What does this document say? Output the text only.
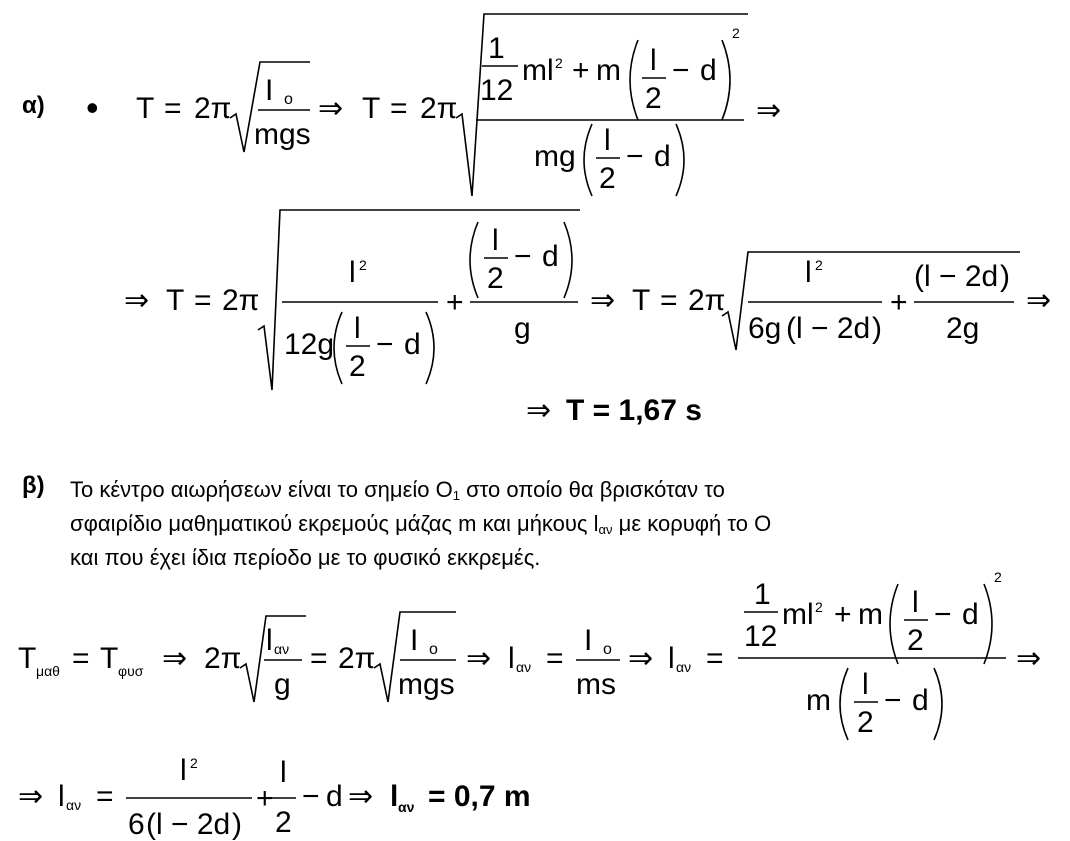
α)
β) Το κέντρο αιωρήσεων είναι το σημείο $O_1$ στο οποίο θα βρισκόταν το
σφαιρίδιο μαθηματικού εκρεμούς μάζας m και μήκους $l_{\alpha\nu}$ με κορυφή το O
και που έχει ίδια περίοδο με το φυσικό εκκρεμές.
• T = 2π
I o
mgs
⇒ T = 2π
1
12
ml 2 + m l
2
− d
2
mg l
2
− d
⇒
⇒ T = 2π
l 2
12g l
2
− d
+
l
2
− d
g
⇒ T = 2π
l 2
6g ( l − 2d )
+
( l − 2d )
2g
⇒
⇒ T = 1,67 s
T μαθ = T φυσ ⇒ 2π
l αν
g
= 2π
I o
mgs
⇒ l αν =
I o
ms
⇒ l αν =
1
12
ml 2 + m l
2
− d
2
m l
2
− d
⇒
⇒ l αν =
l 2
6 ( l − 2d )
+
l
2
− d ⇒ l αν = 0,7 m
